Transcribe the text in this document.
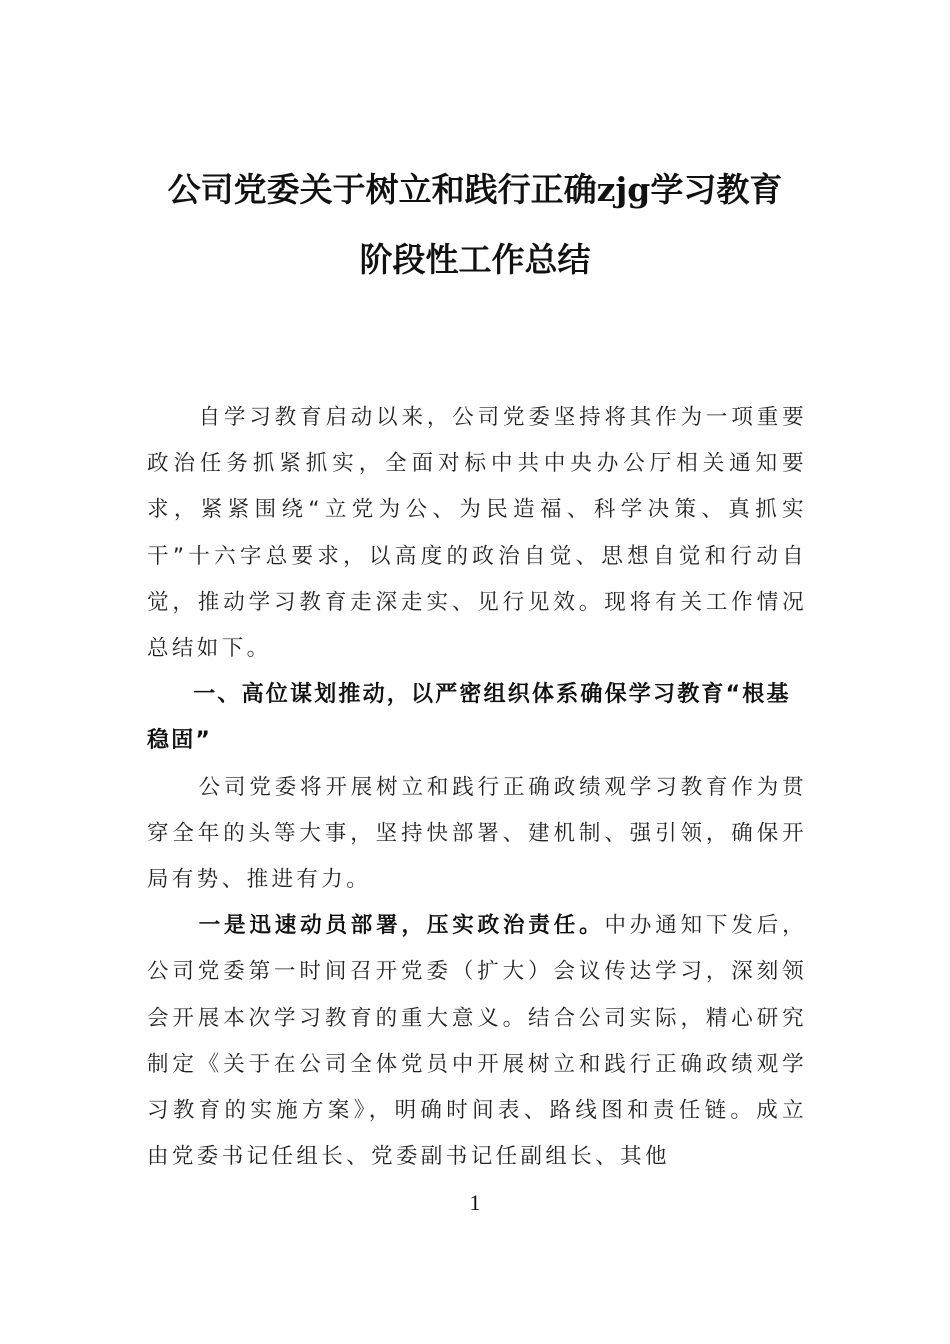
公司党委关于树立和践行正确zjg学习教育
阶段性工作总结

自学习教育启动以来，公司党委坚持将其作为一项重要政治任务抓紧抓实，全面对标中共中央办公厅相关通知要求，紧紧围绕“立党为公、为民造福、科学决策、真抓实干”十六字总要求，以高度的政治自觉、思想自觉和行动自觉，推动学习教育走深走实、见行见效。现将有关工作情况总结如下。

一、高位谋划推动，以严密组织体系确保学习教育“根基稳固”

公司党委将开展树立和践行正确政绩观学习教育作为贯穿全年的头等大事，坚持快部署、建机制、强引领，确保开局有势、推进有力。

一是迅速动员部署，压实政治责任。中办通知下发后，公司党委第一时间召开党委（扩大）会议传达学习，深刻领会开展本次学习教育的重大意义。结合公司实际，精心研究制定《关于在公司全体党员中开展树立和践行正确政绩观学习教育的实施方案》，明确时间表、路线图和责任链。成立由党委书记任组长、党委副书记任副组长、其他

1
